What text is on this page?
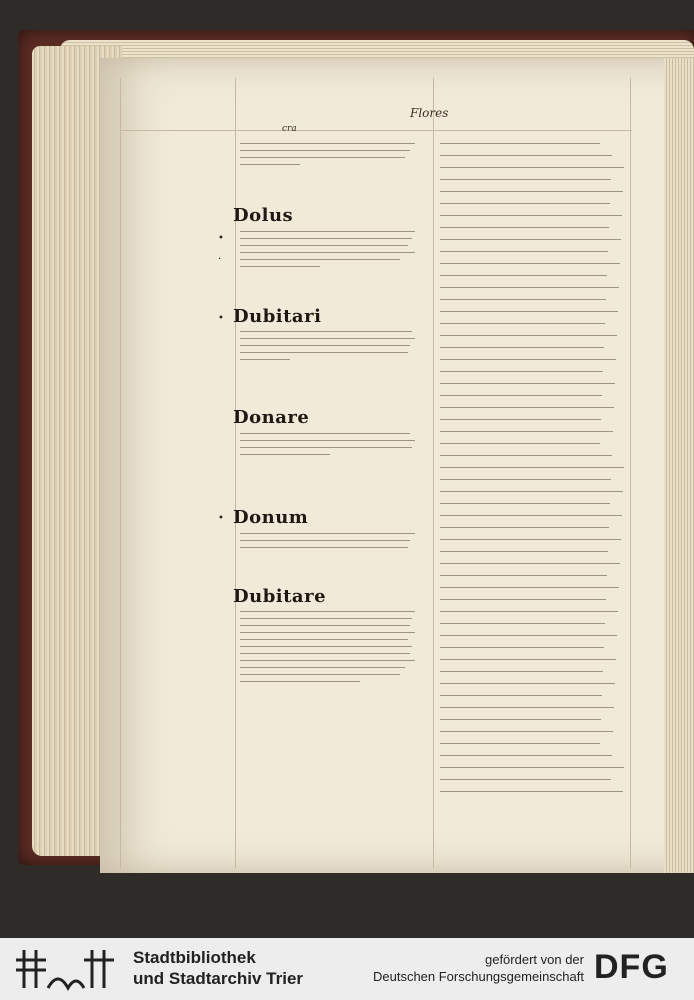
Flores
cra
Dolus
Dubitari
Donare
Donum
Dubitare
•
·
•
•
Stadtbibliothek
und Stadtarchiv Trier
gefördert von der
Deutschen Forschungsgemeinschaft DFG
